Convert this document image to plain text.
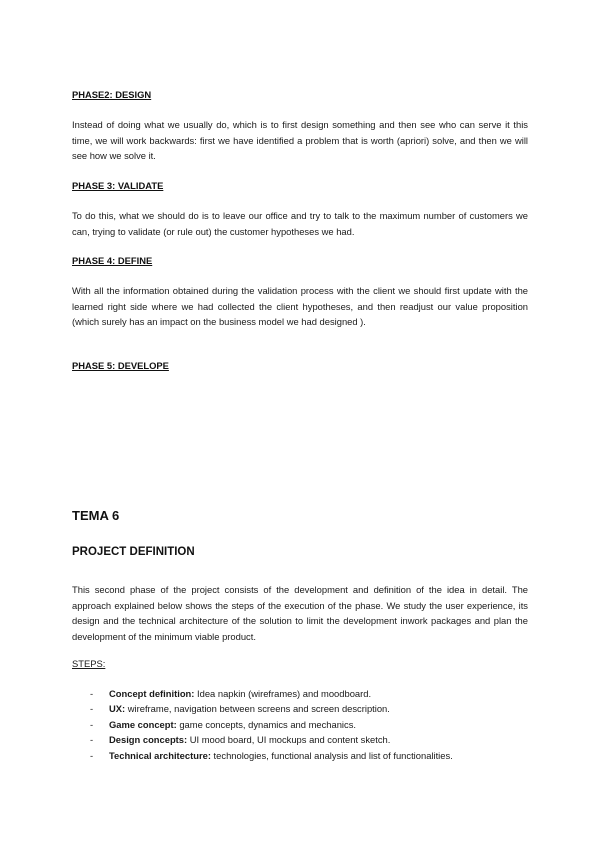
PHASE2: DESIGN

Instead of doing what we usually do, which is to first design something and then see who can serve it this time, we will work backwards: first we have identified a problem that is worth (apriori) solve, and then we will see how we solve it.

PHASE 3: VALIDATE

To do this, what we should do is to leave our office and try to talk to the maximum number of customers we can, trying to validate (or rule out) the customer hypotheses we had.

PHASE 4: DEFINE

With all the information obtained during the validation process with the client we should first update with the learned right side where we had collected the client hypotheses, and then readjust our value proposition (which surely has an impact on the business model we had designed ).

PHASE 5: DEVELOPE

TEMA 6

PROJECT DEFINITION

This second phase of the project consists of the development and definition of the idea in detail. The approach explained below shows the steps of the execution of the phase. We study the user experience, its design and the technical architecture of the solution to limit the development inwork packages and plan the development of the minimum viable product.

STEPS:

- Concept definition: Idea napkin (wireframes) and moodboard.
- UX: wireframe, navigation between screens and screen description.
- Game concept: game concepts, dynamics and mechanics.
- Design concepts: UI mood board, UI mockups and content sketch.
- Technical architecture: technologies, functional analysis and list of functionalities.
